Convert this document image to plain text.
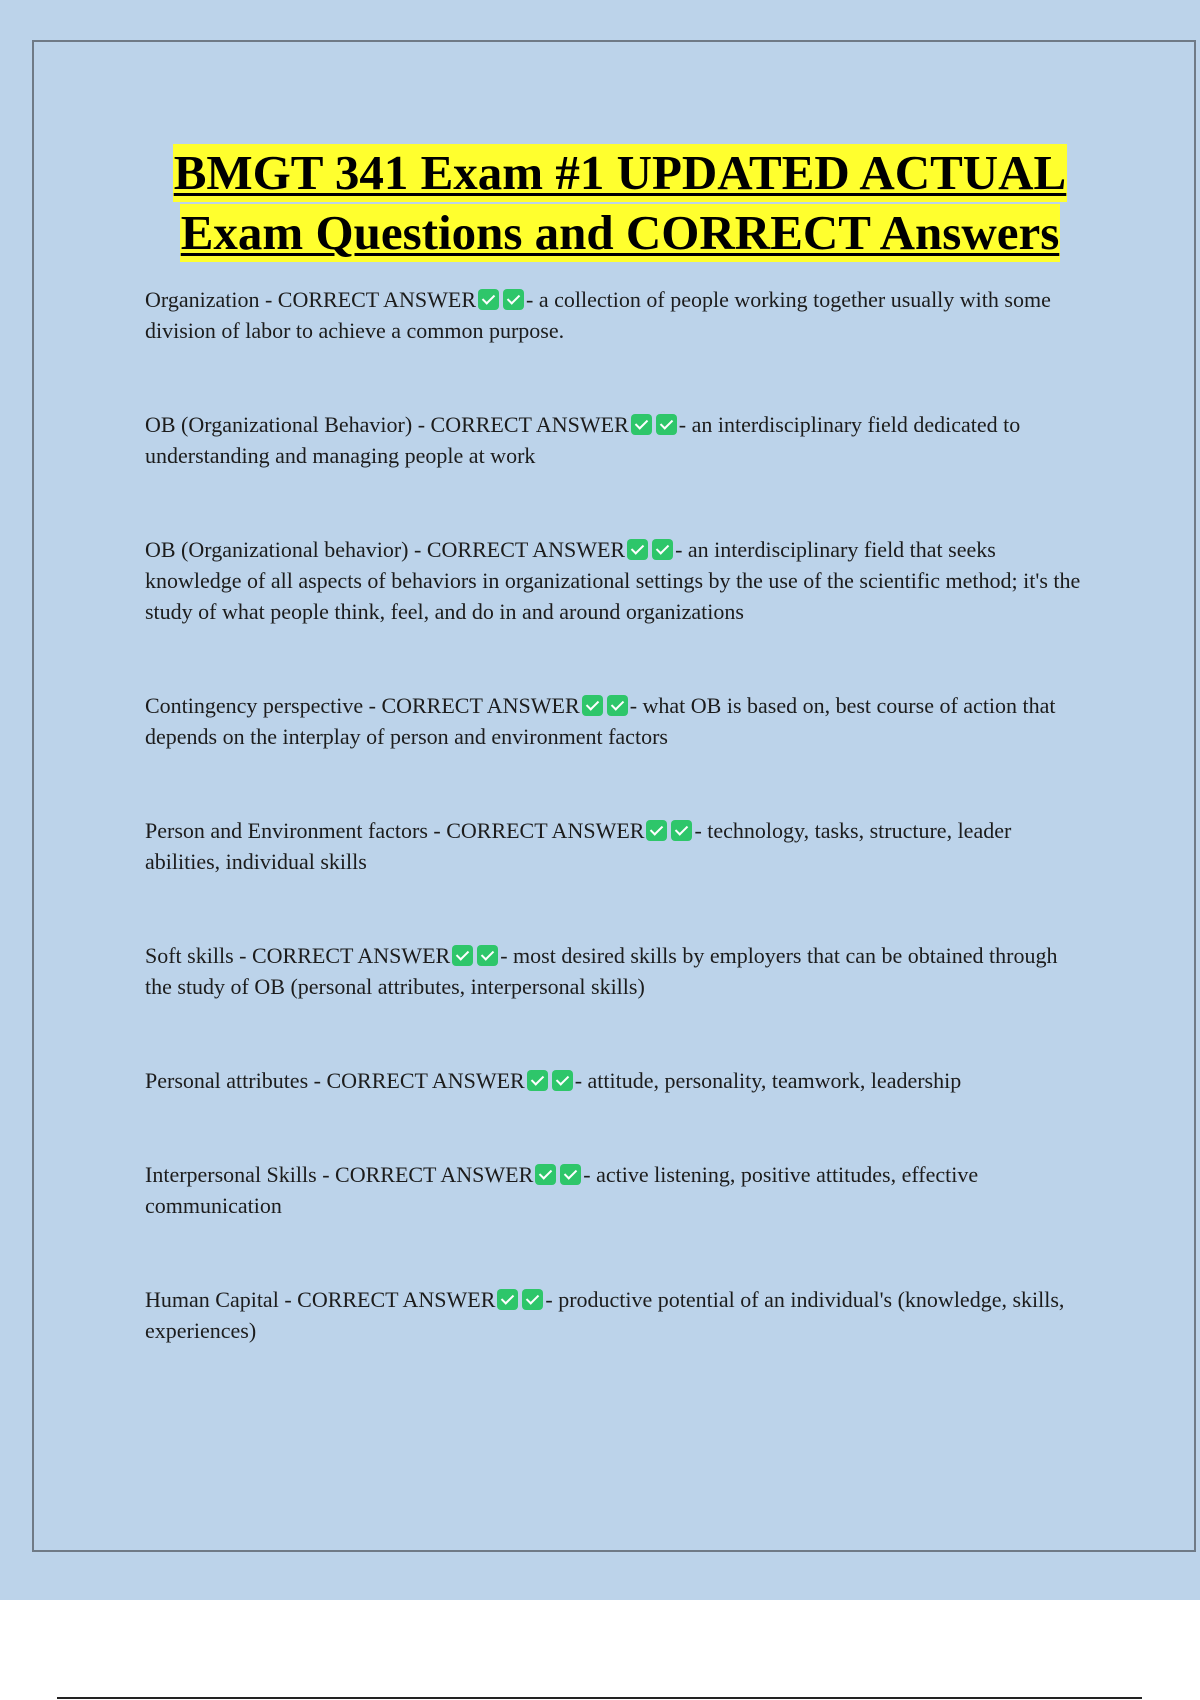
BMGT 341 Exam #1 UPDATED ACTUAL
Exam Questions and CORRECT Answers

Organization - CORRECT ANSWER - a collection of people working together usually with some division of labor to achieve a common purpose.

OB (Organizational Behavior) - CORRECT ANSWER - an interdisciplinary field dedicated to understanding and managing people at work

OB (Organizational behavior) - CORRECT ANSWER - an interdisciplinary field that seeks knowledge of all aspects of behaviors in organizational settings by the use of the scientific method; it's the study of what people think, feel, and do in and around organizations

Contingency perspective - CORRECT ANSWER - what OB is based on, best course of action that depends on the interplay of person and environment factors

Person and Environment factors - CORRECT ANSWER - technology, tasks, structure, leader abilities, individual skills

Soft skills - CORRECT ANSWER - most desired skills by employers that can be obtained through the study of OB (personal attributes, interpersonal skills)

Personal attributes - CORRECT ANSWER - attitude, personality, teamwork, leadership

Interpersonal Skills - CORRECT ANSWER - active listening, positive attitudes, effective communication

Human Capital - CORRECT ANSWER - productive potential of an individual's (knowledge, skills, experiences)
